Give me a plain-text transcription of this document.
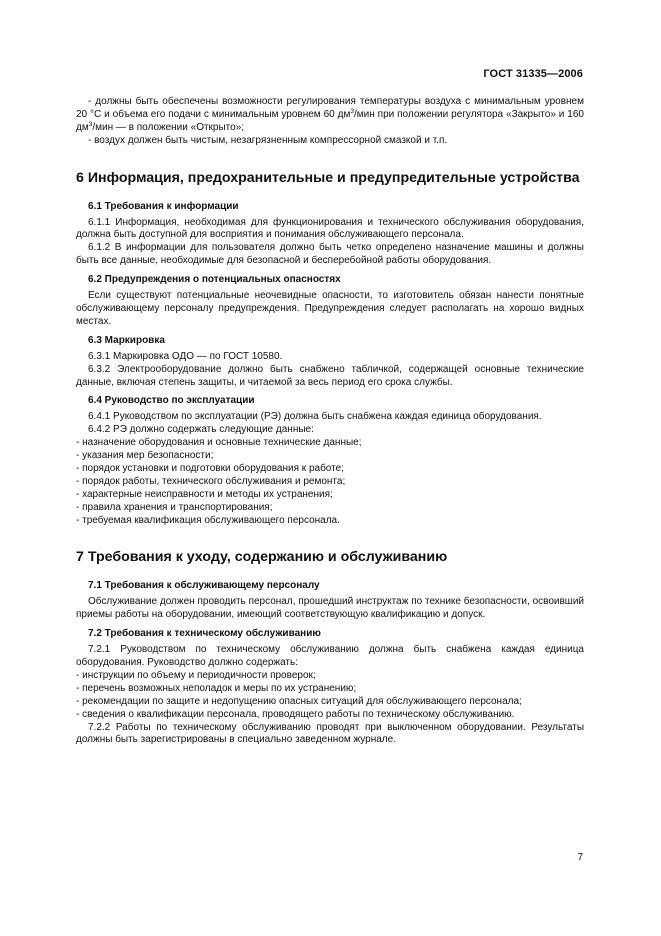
ГОСТ 31335—2006

- должны быть обеспечены возможности регулирования температуры воздуха с минимальным уровнем 20 °С и объема его подачи с минимальным уровнем 60 $дм^3$/мин при положении регулятора «Закрыто» и 160 $дм^3$/мин — в положении «Открыто»;

- воздух должен быть чистым, незагрязненным компрессорной смазкой и т.п.

6 Информация, предохранительные и предупредительные устройства
6.1 Требования к информации

6.1.1 Информация, необходимая для функционирования и технического обслуживания оборудования, должна быть доступной для восприятия и понимания обслуживающего персонала.

6.1.2 В информации для пользователя должно быть четко определено назначение машины и должны быть все данные, необходимые для безопасной и бесперебойной работы оборудования.

6.2 Предупреждения о потенциальных опасностях

Если существуют потенциальные неочевидные опасности, то изготовитель обязан нанести понятные обслуживающему персоналу предупреждения. Предупреждения следует располагать на хорошо видных местах.

6.3 Маркировка

6.3.1 Маркировка ОДО — по ГОСТ 10580.

6.3.2 Электрооборудование должно быть снабжено табличкой, содержащей основные технические данные, включая степень защиты, и читаемой за весь период его срока службы.

6.4 Руководство по эксплуатации

6.4.1 Руководством по эксплуатации (РЭ) должна быть снабжена каждая единица оборудования.

6.4.2 РЭ должно содержать следующие данные:

- назначение оборудования и основные технические данные;
- указания мер безопасности;
- порядок установки и подготовки оборудования к работе;
- порядок работы, технического обслуживания и ремонта;
- характерные неисправности и методы их устранения;
- правила хранения и транспортирования;
- требуемая квалификация обслуживающего персонала.
7 Требования к уходу, содержанию и обслуживанию
7.1 Требования к обслуживающему персоналу

Обслуживание должен проводить персонал, прошедший инструктаж по технике безопасности, освоивший приемы работы на оборудовании, имеющий соответствующую квалификацию и допуск.

7.2 Требования к техническому обслуживанию

7.2.1 Руководством по техническому обслуживанию должна быть снабжена каждая единица оборудования. Руководство должно содержать:

- инструкции по объему и периодичности проверок;
- перечень возможных неполадок и меры по их устранению;
- рекомендации по защите и недопущению опасных ситуаций для обслуживающего персонала;
- сведения о квалификации персонала, проводящего работы по техническому обслуживанию.

7.2.2 Работы по техническому обслуживанию проводят при выключенном оборудовании. Результаты должны быть зарегистрированы в специально заведенном журнале.

7
